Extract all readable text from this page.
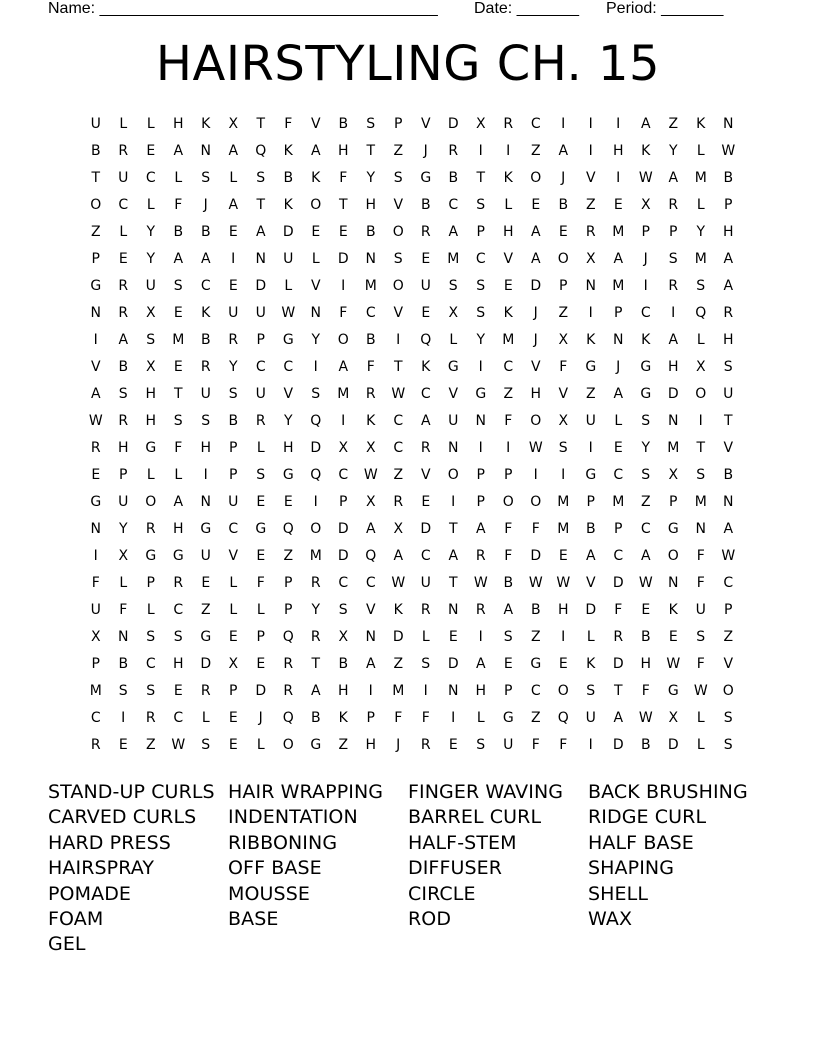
Name: ______________________________________ Date: _______ Period: _______
HAIRSTYLING CH. 15
U	L	L	H	K	X	T	F	V	B	S	P	V	D	X	R	C	I	I	I	A	Z	K	N
B	R	E	A	N	A	Q	K	A	H	T	Z	J	R	I	I	Z	A	I	H	K	Y	L	W
T	U	C	L	S	L	S	B	K	F	Y	S	G	B	T	K	O	J	V	I	W	A	M	B
O	C	L	F	J	A	T	K	O	T	H	V	B	C	S	L	E	B	Z	E	X	R	L	P
Z	L	Y	B	B	E	A	D	E	E	B	O	R	A	P	H	A	E	R	M	P	P	Y	H
P	E	Y	A	A	I	N	U	L	D	N	S	E	M	C	V	A	O	X	A	J	S	M	A
G	R	U	S	C	E	D	L	V	I	M	O	U	S	S	E	D	P	N	M	I	R	S	A
N	R	X	E	K	U	U	W	N	F	C	V	E	X	S	K	J	Z	I	P	C	I	Q	R
I	A	S	M	B	R	P	G	Y	O	B	I	Q	L	Y	M	J	X	K	N	K	A	L	H
V	B	X	E	R	Y	C	C	I	A	F	T	K	G	I	C	V	F	G	J	G	H	X	S
A	S	H	T	U	S	U	V	S	M	R	W	C	V	G	Z	H	V	Z	A	G	D	O	U
W	R	H	S	S	B	R	Y	Q	I	K	C	A	U	N	F	O	X	U	L	S	N	I	T
R	H	G	F	H	P	L	H	D	X	X	C	R	N	I	I	W	S	I	E	Y	M	T	V
E	P	L	L	I	P	S	G	Q	C	W	Z	V	O	P	P	I	I	G	C	S	X	S	B
G	U	O	A	N	U	E	E	I	P	X	R	E	I	P	O	O	M	P	M	Z	P	M	N
N	Y	R	H	G	C	G	Q	O	D	A	X	D	T	A	F	F	M	B	P	C	G	N	A
I	X	G	G	U	V	E	Z	M	D	Q	A	C	A	R	F	D	E	A	C	A	O	F	W
F	L	P	R	E	L	F	P	R	C	C	W	U	T	W	B	W W	V	D	W	N	F	C
U	F	L	C	Z	L	L	P	Y	S	V	K	R	N	R	A	B	H	D	F	E	K	U	P
X	N	S	S	G	E	P	Q	R	X	N	D	L	E	I	S	Z	I	L	R	B	E	S	Z
P	B	C	H	D	X	E	R	T	B	A	Z	S	D	A	E	G	E	K	D	H	W	F	V
M	S	S	E	R	P	D	R	A	H	I	M	I	N	H	P	C	O	S	T	F	G	W	O
C	I	R	C	L	E	J	Q	B	K	P	F	F	I	L	G	Z	Q	U	A	W	X	L	S
R	E	Z	W	S	E	L	O	G	Z	H	J	R	E	S	U	F	F	I	D	B	D	L	S
STAND-UP CURLS
CARVED CURLS
HARD PRESS
HAIRSPRAY
POMADE
FOAM
GEL
HAIR WRAPPING
INDENTATION
RIBBONING
OFF BASE
MOUSSE
BASE
FINGER WAVING
BARREL CURL
HALF-STEM
DIFFUSER
CIRCLE
ROD
BACK BRUSHING
RIDGE CURL
HALF BASE
SHAPING
SHELL
WAX
